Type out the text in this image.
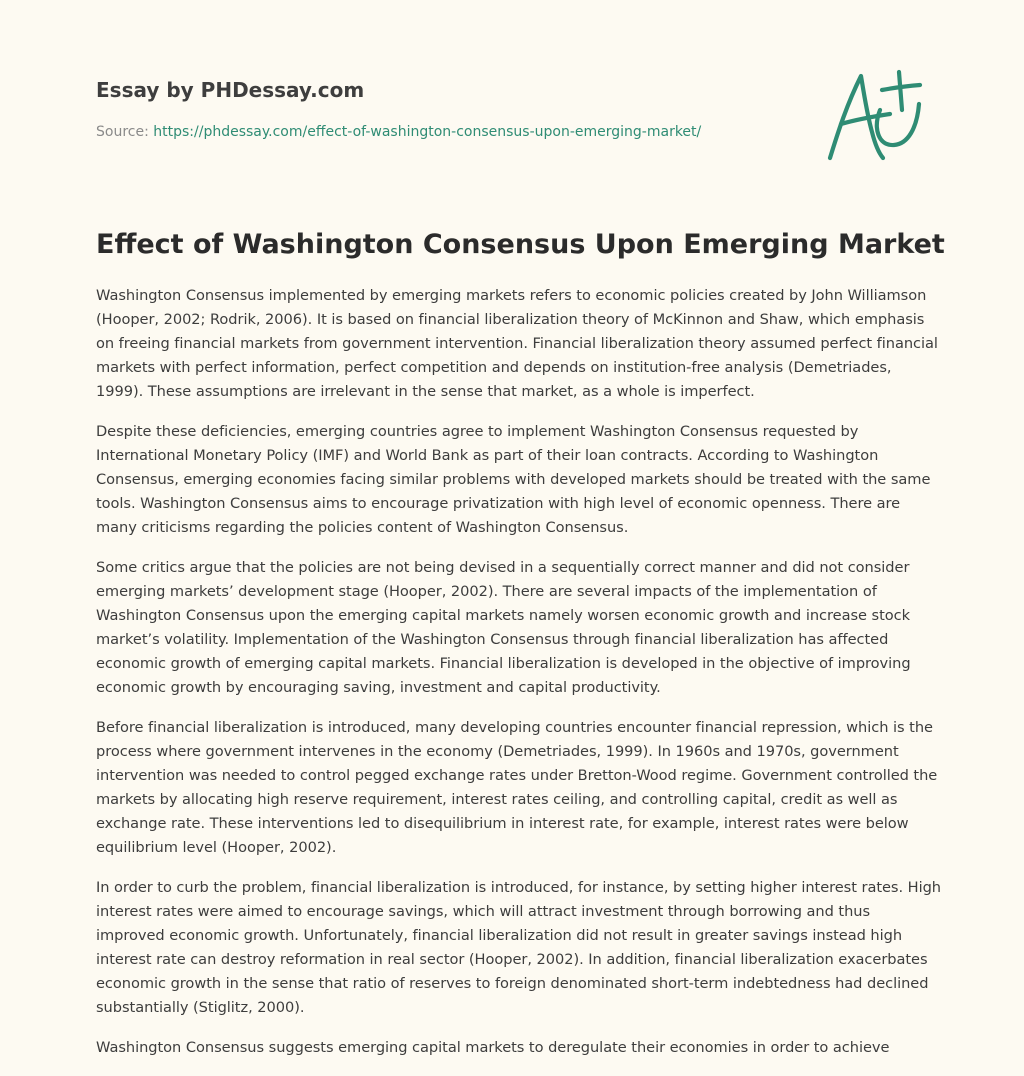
Essay by PHDessay.com
Source: https://phdessay.com/effect-of-washington-consensus-upon-emerging-market/
Effect of Washington Consensus Upon Emerging Market

Washington Consensus implemented by emerging markets refers to economic policies created by John Williamson (Hooper, 2002; Rodrik, 2006). It is based on financial liberalization theory of McKinnon and Shaw, which emphasis on freeing financial markets from government intervention. Financial liberalization theory assumed perfect financial markets with perfect information, perfect competition and depends on institution-free analysis (Demetriades, 1999). These assumptions are irrelevant in the sense that market, as a whole is imperfect.

Despite these deficiencies, emerging countries agree to implement Washington Consensus requested by International Monetary Policy (IMF) and World Bank as part of their loan contracts. According to Washington Consensus, emerging economies facing similar problems with developed markets should be treated with the same tools. Washington Consensus aims to encourage privatization with high level of economic openness. There are many criticisms regarding the policies content of Washington Consensus.

Some critics argue that the policies are not being devised in a sequentially correct manner and did not consider emerging markets’ development stage (Hooper, 2002). There are several impacts of the implementation of Washington Consensus upon the emerging capital markets namely worsen economic growth and increase stock market’s volatility. Implementation of the Washington Consensus through financial liberalization has affected economic growth of emerging capital markets. Financial liberalization is developed in the objective of improving economic growth by encouraging saving, investment and capital productivity.

Before financial liberalization is introduced, many developing countries encounter financial repression, which is the process where government intervenes in the economy (Demetriades, 1999). In 1960s and 1970s, government intervention was needed to control pegged exchange rates under Bretton-Wood regime. Government controlled the markets by allocating high reserve requirement, interest rates ceiling, and controlling capital, credit as well as exchange rate. These interventions led to disequilibrium in interest rate, for example, interest rates were below equilibrium level (Hooper, 2002).

In order to curb the problem, financial liberalization is introduced, for instance, by setting higher interest rates. High interest rates were aimed to encourage savings, which will attract investment through borrowing and thus improved economic growth. Unfortunately, financial liberalization did not result in greater savings instead high interest rate can destroy reformation in real sector (Hooper, 2002). In addition, financial liberalization exacerbates economic growth in the sense that ratio of reserves to foreign denominated short-term indebtedness had declined substantially (Stiglitz, 2000).

Washington Consensus suggests emerging capital markets to deregulate their economies in order to achieve
